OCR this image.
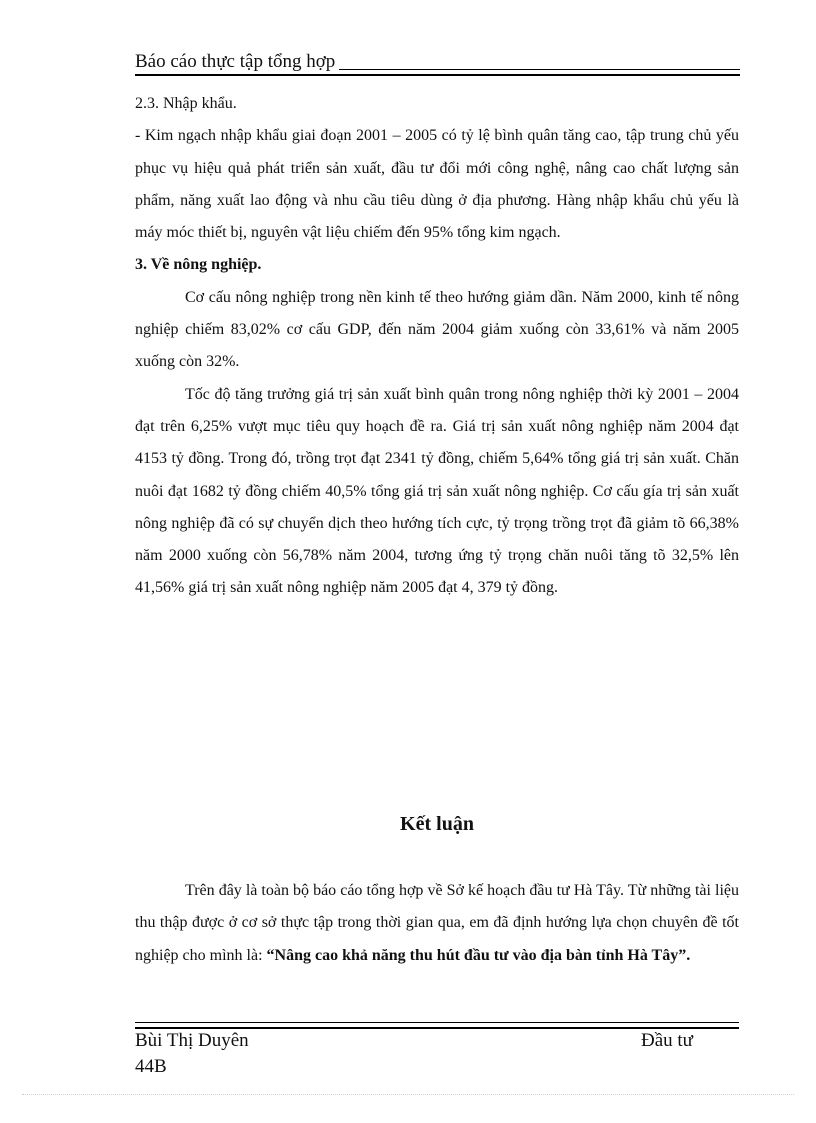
Báo cáo thực tập tổng hợp

2.3. Nhập khẩu.

- Kim ngạch nhập khẩu giai đoạn 2001 – 2005 có tỷ lệ bình quân tăng cao, tập trung chủ yếu phục vụ hiệu quả phát triển sản xuất, đầu tư đổi mới công nghệ, nâng cao chất lượng sản phẩm, năng xuất lao động và nhu cầu tiêu dùng ở địa phương. Hàng nhập khẩu chủ yếu là máy móc thiết bị, nguyên vật liệu chiếm đến 95% tổng kim ngạch.

3. Về nông nghiệp.

Cơ cấu nông nghiệp trong nền kinh tế theo hướng giảm dần. Năm 2000, kinh tế nông nghiệp chiếm 83,02% cơ cấu GDP, đến năm 2004 giảm xuống còn 33,61% và năm 2005 xuống còn 32%.

Tốc độ tăng trưởng giá trị sản xuất bình quân trong nông nghiệp thời kỳ 2001 – 2004 đạt trên 6,25% vượt mục tiêu quy hoạch đề ra. Giá trị sản xuất nông nghiệp năm 2004 đạt 4153 tỷ đồng. Trong đó, trồng trọt đạt 2341 tỷ đồng, chiếm 5,64% tổng giá trị sản xuất. Chăn nuôi đạt 1682 tỷ đồng chiếm 40,5% tổng giá trị sản xuất nông nghiệp. Cơ cấu gía trị sản xuất nông nghiệp đã có sự chuyển dịch theo hướng tích cực, tỷ trọng trồng trọt đã giảm tõ 66,38% năm 2000 xuống còn 56,78% năm 2004, tương ứng tỷ trọng chăn nuôi tăng tõ 32,5% lên 41,56% giá trị sản xuất nông nghiệp năm 2005 đạt 4, 379 tỷ đồng.

Kết luận

Trên đây là toàn bộ báo cáo tổng hợp về Sở kế hoạch đầu tư Hà Tây. Từ những tài liệu thu thập được ở cơ sở thực tập trong thời gian qua, em đã định hướng lựa chọn chuyên đề tốt nghiệp cho mình là: “Nâng cao khả năng thu hút đầu tư vào địa bàn tỉnh Hà Tây”.

Bùi Thị Duyên	Đầu tư
44B
